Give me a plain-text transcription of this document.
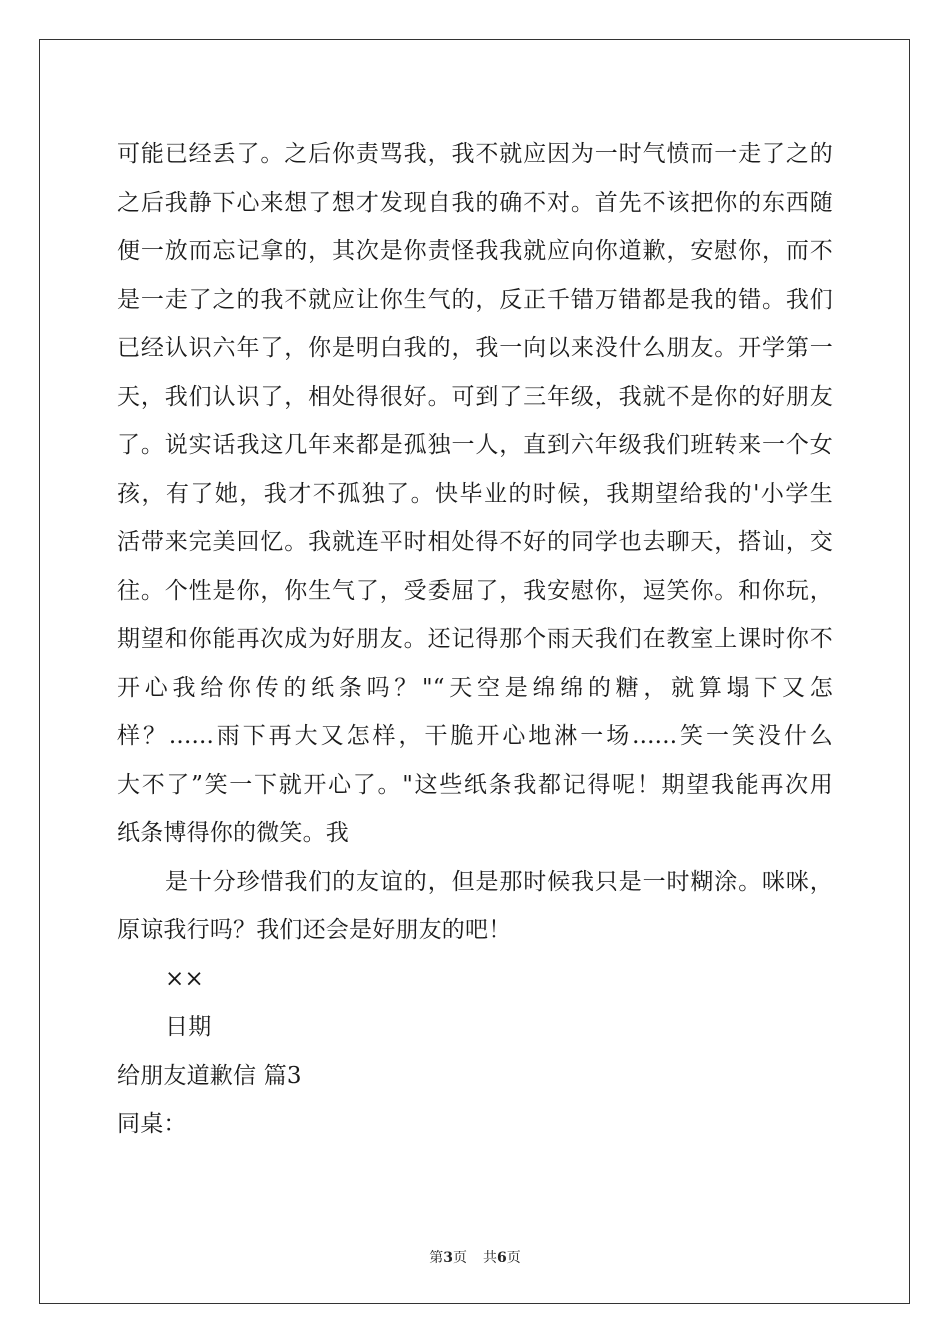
可能已经丢了。之后你责骂我，我不就应因为一时气愤而一走了之的
之后我静下心来想了想才发现自我的确不对。首先不该把你的东西随
便一放而忘记拿的，其次是你责怪我我就应向你道歉，安慰你，而不
是一走了之的我不就应让你生气的，反正千错万错都是我的错。我们
已经认识六年了，你是明白我的，我一向以来没什么朋友。开学第一
天，我们认识了，相处得很好。可到了三年级，我就不是你的好朋友
了。说实话我这几年来都是孤独一人，直到六年级我们班转来一个女
孩，有了她，我才不孤独了。快毕业的时候，我期望给我的'小学生
活带来完美回忆。我就连平时相处得不好的同学也去聊天，搭讪，交
往。个性是你，你生气了，受委屈了，我安慰你，逗笑你。和你玩，
期望和你能再次成为好朋友。还记得那个雨天我们在教室上课时你不
开心我给你传的纸条吗？"“天空是绵绵的糖，就算塌下又怎
样？......雨下再大又怎样，干脆开心地淋一场......笑一笑没什么
大不了”笑一下就开心了。"这些纸条我都记得呢！期望我能再次用
纸条博得你的微笑。我
是十分珍惜我们的友谊的，但是那时候我只是一时糊涂。咪咪，
原谅我行吗？我们还会是好朋友的吧！
××
日期
给朋友道歉信 篇3
同桌：
第3页 共6页
